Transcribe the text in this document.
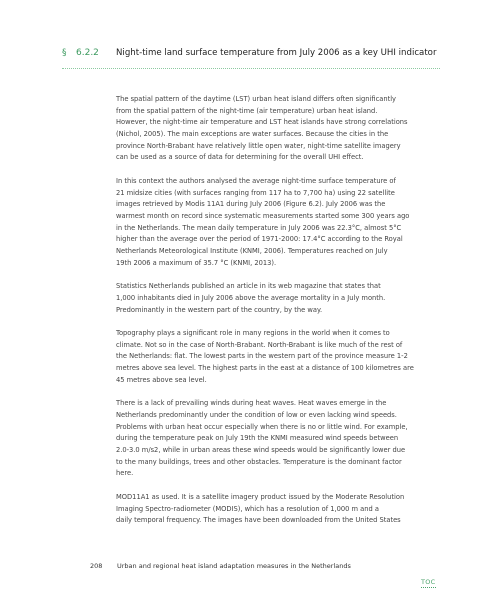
§ 6.2.2 Night-time land surface temperature from July 2006 as a key UHI indicator

The spatial pattern of the daytime (LST) urban heat island differs often significantly
from the spatial pattern of the night-time (air temperature) urban heat island.
However, the night-time air temperature and LST heat islands have strong correlations
(Nichol, 2005). The main exceptions are water surfaces. Because the cities in the
province North-Brabant have relatively little open water, night-time satellite imagery
can be used as a source of data for determining for the overall UHI effect.

In this context the authors analysed the average night-time surface temperature of
21 midsize cities (with surfaces ranging from 117 ha to 7,700 ha) using 22 satellite
images retrieved by Modis 11A1 during July 2006 (Figure 6.2). July 2006 was the
warmest month on record since systematic measurements started some 300 years ago
in the Netherlands. The mean daily temperature in July 2006 was 22.3°C, almost 5°C
higher than the average over the period of 1971-2000: 17.4°C according to the Royal
Netherlands Meteorological Institute (KNMI, 2006). Temperatures reached on July
19th 2006 a maximum of 35.7 °C (KNMI, 2013).

Statistics Netherlands published an article in its web magazine that states that
1,000 inhabitants died in July 2006 above the average mortality in a July month.
Predominantly in the western part of the country, by the way.

Topography plays a significant role in many regions in the world when it comes to
climate. Not so in the case of North-Brabant. North-Brabant is like much of the rest of
the Netherlands: flat. The lowest parts in the western part of the province measure 1-2
metres above sea level. The highest parts in the east at a distance of 100 kilometres are
45 metres above sea level.

There is a lack of prevailing winds during heat waves. Heat waves emerge in the
Netherlands predominantly under the condition of low or even lacking wind speeds.
Problems with urban heat occur especially when there is no or little wind. For example,
during the temperature peak on July 19th the KNMI measured wind speeds between
2.0-3.0 m/s2, while in urban areas these wind speeds would be significantly lower due
to the many buildings, trees and other obstacles. Temperature is the dominant factor
here.

MOD11A1 as used. It is a satellite imagery product issued by the Moderate Resolution
Imaging Spectro-radiometer (MODIS), which has a resolution of 1,000 m and a
daily temporal frequency. The images have been downloaded from the United States

208 Urban and regional heat island adaptation measures in the Netherlands
TOC
